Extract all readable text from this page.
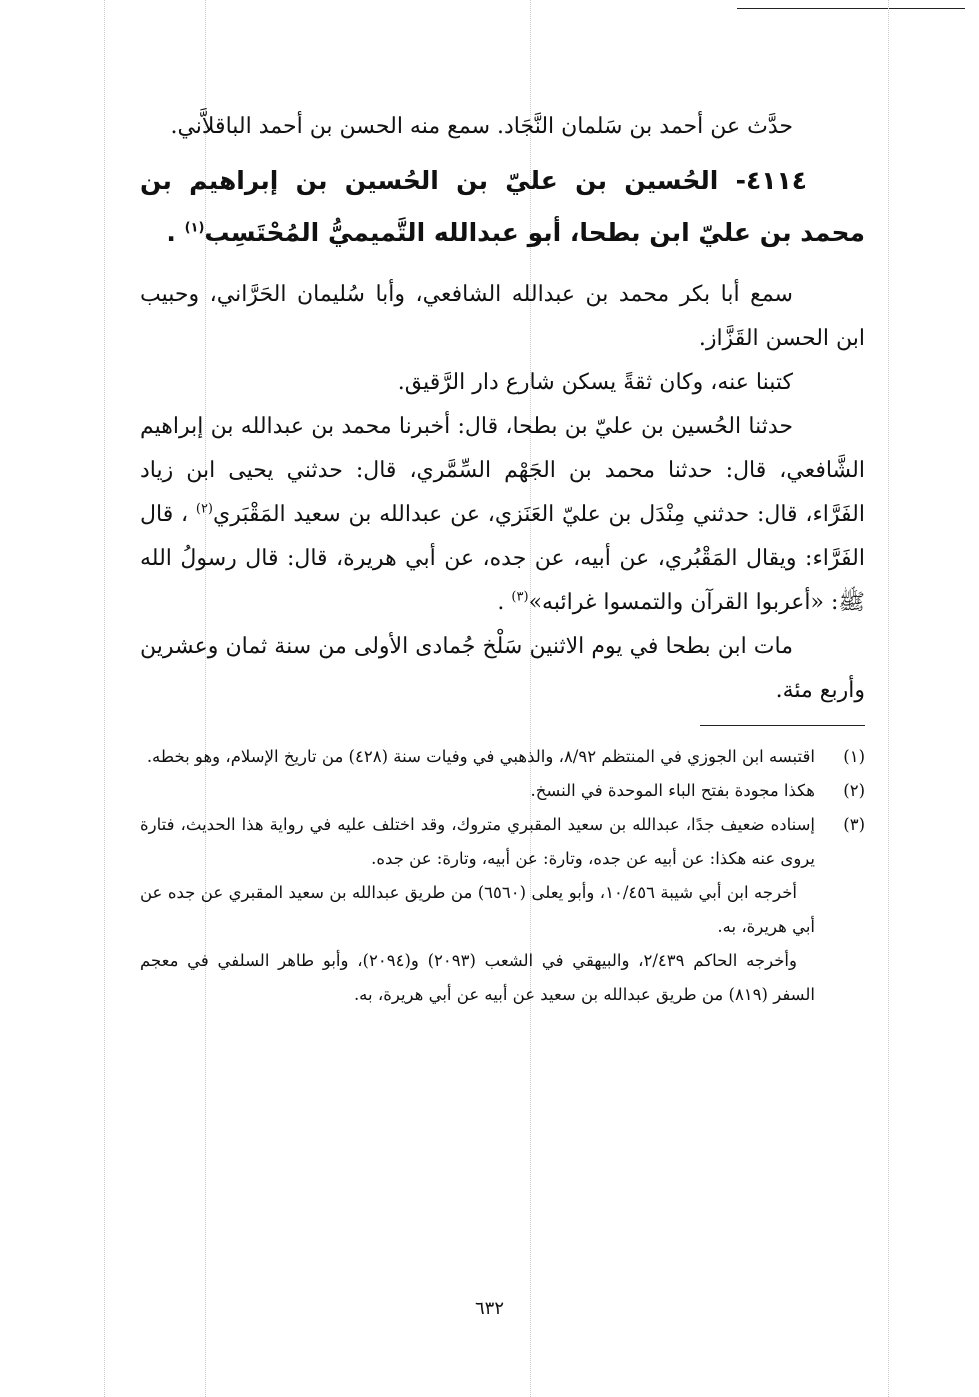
حدَّث عن أحمد بن سَلمان النَّجَاد. سمع منه الحسن بن أحمد الباقلاَّني.

٤١١٤- الحُسين بن عليّ بن الحُسين بن إبراهيم بن محمد بن عليّ ابن بطحا، أبو عبدالله التَّميميُّ المُحْتَسِب$^{(١)}$ .

سمع أبا بكر محمد بن عبدالله الشافعي، وأبا سُليمان الحَرَّاني، وحبيب ابن الحسن القَزَّاز.

كتبنا عنه، وكان ثقةً يسكن شارع دار الرَّقيق.

حدثنا الحُسين بن عليّ بن بطحا، قال: أخبرنا محمد بن عبدالله بن إبراهيم الشَّافعي، قال: حدثنا محمد بن الجَهْم السِّمَّري، قال: حدثني يحيى ابن زياد الفَرَّاء، قال: حدثني مِنْدَل بن عليّ العَنَزي، عن عبدالله بن سعيد المَقْبَري$^{(٢)}$ ، قال الفَرَّاء: ويقال المَقْبُري، عن أبيه، عن جده، عن أبي هريرة، قال: قال رسولُ الله ﷺ: «أعربوا القرآن والتمسوا غرائبه»$^{(٣)}$ .

مات ابن بطحا في يوم الاثنين سَلْخ جُمادى الأولى من سنة ثمان وعشرين وأربع مئة.

(١)
اقتبسه ابن الجوزي في المنتظم ٨/٩٢، والذهبي في وفيات سنة (٤٢٨) من تاريخ الإسلام، وهو بخطه.

(٢)
هكذا مجودة بفتح الباء الموحدة في النسخ.

(٣)
إسناده ضعيف جدًا، عبدالله بن سعيد المقبري متروك، وقد اختلف عليه في رواية هذا الحديث، فتارة يروى عنه هكذا: عن أبيه عن جده، وتارة: عن أبيه، وتارة: عن جده.

أخرجه ابن أبي شيبة ١٠/٤٥٦، وأبو يعلى (٦٥٦٠) من طريق عبدالله بن سعيد المقبري عن جده عن أبي هريرة، به.

وأخرجه الحاكم ٢/٤٣٩، والبيهقي في الشعب (٢٠٩٣) و(٢٠٩٤)، وأبو طاهر السلفي في معجم السفر (٨١٩) من طريق عبدالله بن سعيد عن أبيه عن أبي هريرة، به.

٦٣٢
